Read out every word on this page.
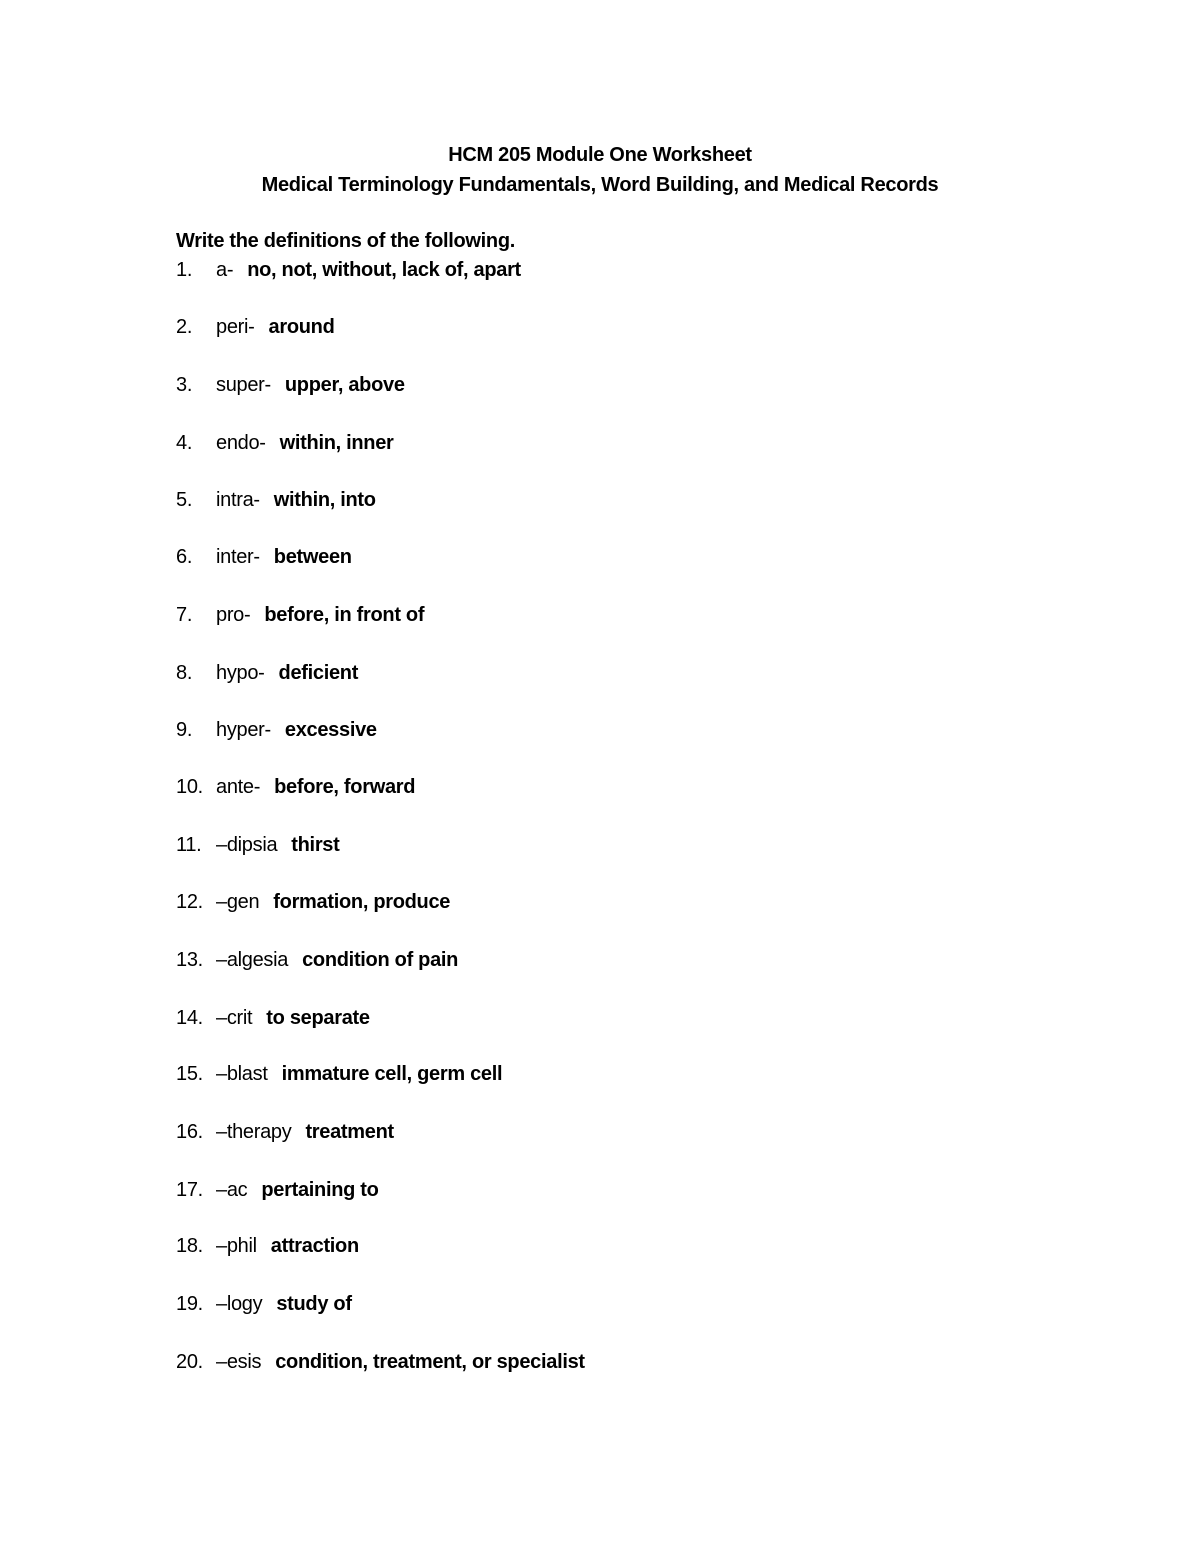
HCM 205 Module One Worksheet
Medical Terminology Fundamentals, Word Building, and Medical Records
Write the definitions of the following.
1. a- no, not, without, lack of, apart
2. peri- around
3. super- upper, above
4. endo- within, inner
5. intra- within, into
6. inter- between
7. pro- before, in front of
8. hypo- deficient
9. hyper- excessive
10. ante- before, forward
11. –dipsia thirst
12. –gen formation, produce
13. –algesia condition of pain
14. –crit to separate
15. –blast immature cell, germ cell
16. –therapy treatment
17. –ac pertaining to
18. –phil attraction
19. –logy study of
20. –esis condition, treatment, or specialist
